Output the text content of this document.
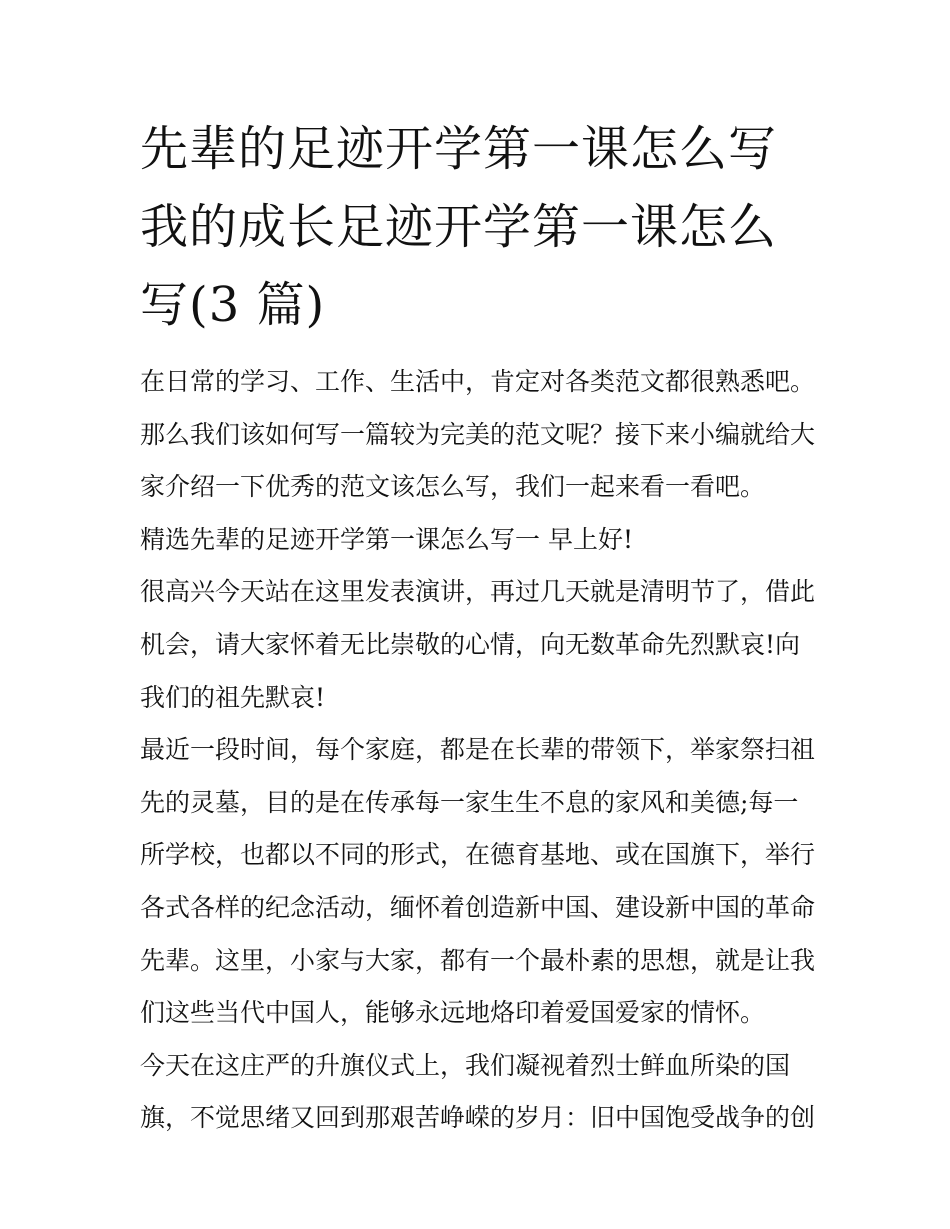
先辈的足迹开学第一课怎么写
我的成长足迹开学第一课怎么
写(3 篇)

在日常的学习、工作、生活中，肯定对各类范文都很熟悉吧。

那么我们该如何写一篇较为完美的范文呢？接下来小编就给大

家介绍一下优秀的范文该怎么写，我们一起来看一看吧。

精选先辈的足迹开学第一课怎么写一 早上好!

很高兴今天站在这里发表演讲，再过几天就是清明节了，借此

机会，请大家怀着无比崇敬的心情，向无数革命先烈默哀!向

我们的祖先默哀!

最近一段时间，每个家庭，都是在长辈的带领下，举家祭扫祖

先的灵墓，目的是在传承每一家生生不息的家风和美德;每一

所学校，也都以不同的形式，在德育基地、或在国旗下，举行

各式各样的纪念活动，缅怀着创造新中国、建设新中国的革命

先辈。这里，小家与大家，都有一个最朴素的思想，就是让我

们这些当代中国人，能够永远地烙印着爱国爱家的情怀。

今天在这庄严的升旗仪式上，我们凝视着烈士鲜血所染的国

旗，不觉思绪又回到那艰苦峥嵘的岁月：旧中国饱受战争的创
